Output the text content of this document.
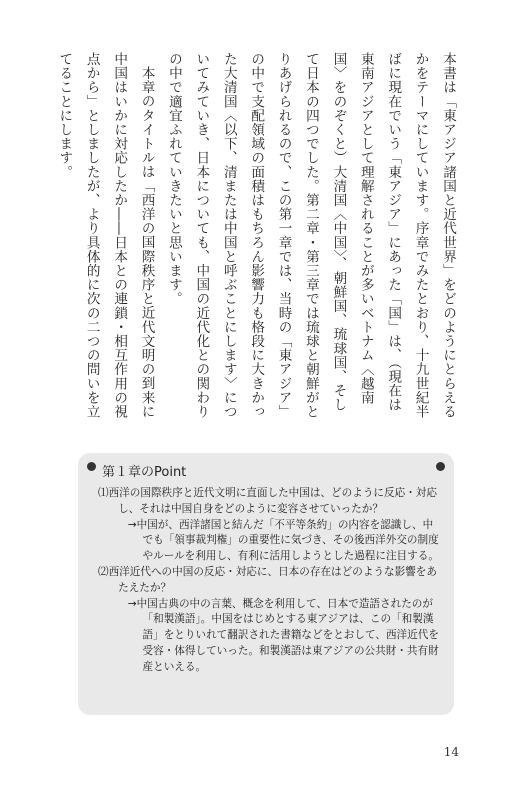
本書は「東アジア諸国と近代世界」をどのようにとらえるかをテーマにしています。序章でみたとおり、十九世紀半ばに現在でいう「東アジア」にあった「国」は、（現在は東南アジアとして理解されることが多いベトナム〈越南国〉をのぞくと）大清国〈中国〉、朝鮮国、琉球国、そして日本の四つでした。第二章・第三章では琉球と朝鮮がとりあげられるので、この第一章では、当時の「東アジア」の中で支配領域の面積はもちろん影響力も格段に大きかった大清国〈以下、清または中国と呼ぶことにします〉についてみていき、日本についても、中国の近代化との関わりの中で適宜ふれていきたいと思います。

本章のタイトルは「西洋の国際秩序と近代文明の到来に中国はいかに対応したか――日本との連鎖・相互作用の視点から」としましたが、より具体的に次の二つの問いを立てることにします。

第１章のPoint

⑴西洋の国際秩序と近代文明に直面した中国は、どのように反応・対応し、それは中国自身をどのように変容させていったか？

→中国が、西洋諸国と結んだ「不平等条約」の内容を認識し、中でも「領事裁判権」の重要性に気づき、その後西洋外交の制度やルールを利用し、有利に活用しようとした過程に注目する。

⑵西洋近代への中国の反応・対応に、日本の存在はどのような影響をあたえたか？

→中国古典の中の言葉、概念を利用して、日本で造語されたのが「和製漢語」。中国をはじめとする東アジアは、この「和製漢語」をとりいれて翻訳された書籍などをとおして、西洋近代を受容・体得していった。和製漢語は東アジアの公共財・共有財産といえる。

14
